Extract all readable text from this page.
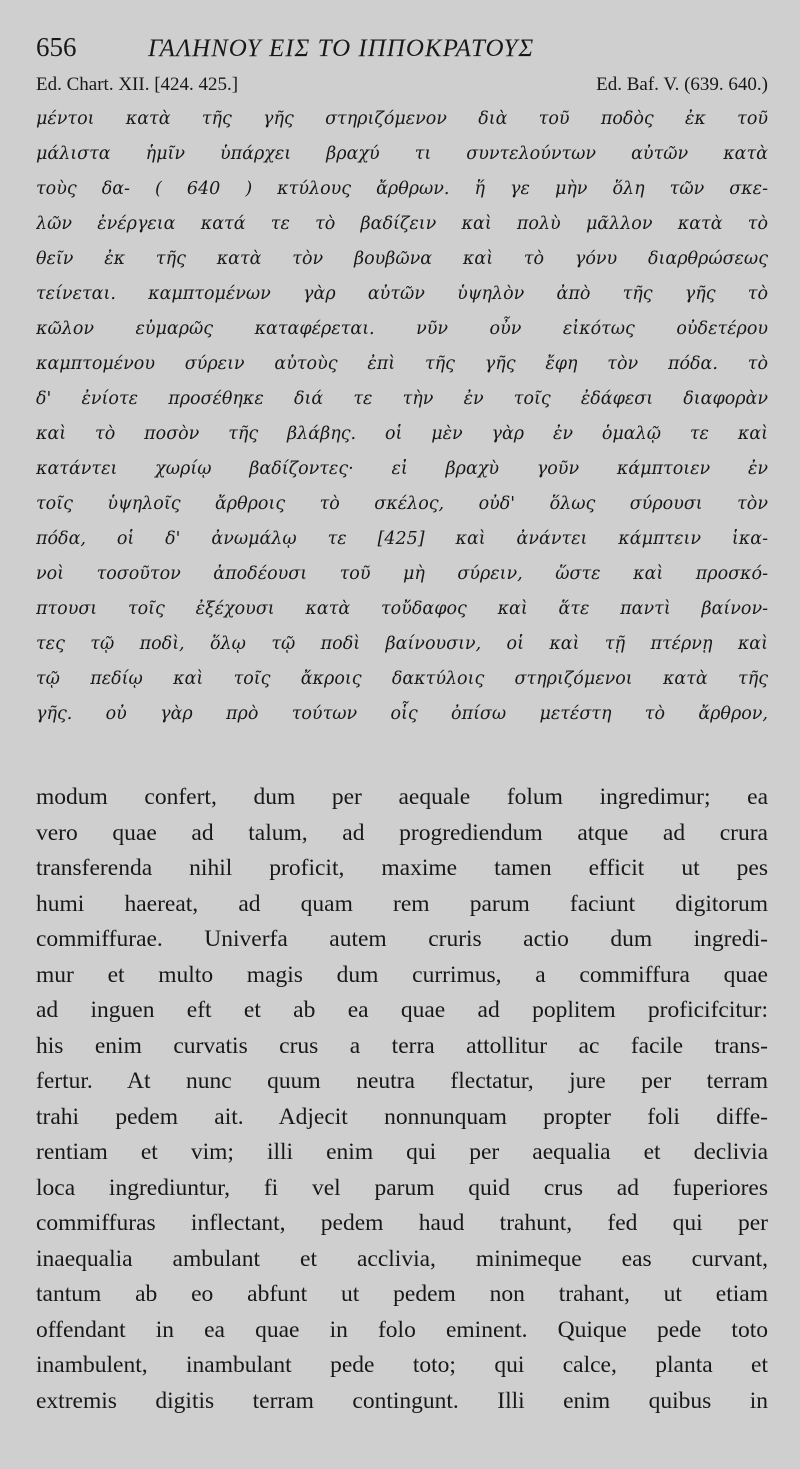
656	ΓΑΛΗΝΟΥ ΕΙΣ ΤΟ ΙΠΠΟΚΡΑΤΟΥΣ
Ed. Chart. XII. [424. 425.]	Ed. Baf. V. (639. 640.)
μέντοι κατὰ τῆς γῆς στηριζόμενον διὰ τοῦ ποδὸς ἐκ τοῦ
μάλιστα ἡμῖν ὑπάρχει βραχύ τι συντελούντων αὐτῶν κατὰ
τοὺς δα- ( 640 ) κτύλους ἄρθρων. ἥ γε μὴν ὅλη τῶν σκε-
λῶν ἐνέργεια κατά τε τὸ βαδίζειν καὶ πολὺ μᾶλλον κατὰ τὸ
θεῖν ἐκ τῆς κατὰ τὸν βουβῶνα καὶ τὸ γόνυ διαρθρώσεως
τείνεται. καμπτομένων γὰρ αὐτῶν ὑψηλὸν ἀπὸ τῆς γῆς τὸ
κῶλον εὐμαρῶς καταφέρεται. νῦν οὖν εἰκότως οὐδετέρου
καμπτομένου σύρειν αὐτοὺς ἐπὶ τῆς γῆς ἔφη τὸν πόδα. τὸ
δ' ἐνίοτε προσέθηκε διά τε τὴν ἐν τοῖς ἐδάφεσι διαφορὰν
καὶ τὸ ποσὸν τῆς βλάβης. οἱ μὲν γὰρ ἐν ὁμαλῷ τε καὶ
κατάντει χωρίῳ βαδίζοντες· εἰ βραχὺ γοῦν κάμπτοιεν ἐν
τοῖς ὑψηλοῖς ἄρθροις τὸ σκέλος, οὐδ' ὅλως σύρουσι τὸν
πόδα, οἱ δ' ἀνωμάλῳ τε [425] καὶ ἀνάντει κάμπτειν ἱκα-
νοὶ τοσοῦτον ἀποδέουσι τοῦ μὴ σύρειν, ὥστε καὶ προσκό-
πτουσι τοῖς ἐξέχουσι κατὰ τοὔδαφος καὶ ἅτε παντὶ βαίνον-
τες τῷ ποδὶ, ὅλῳ τῷ ποδὶ βαίνουσιν, οἱ καὶ τῇ πτέρνῃ καὶ
τῷ πεδίῳ καὶ τοῖς ἄκροις δακτύλοις στηριζόμενοι κατὰ τῆς
γῆς. οὐ γὰρ πρὸ τούτων οἷς ὀπίσω μετέστη τὸ ἄρθρον,
modum confert, dum per aequale folum ingredimur; ea
vero quae ad talum, ad progrediendum atque ad crura
transferenda nihil proficit, maxime tamen efficit ut pes
humi haereat, ad quam rem parum faciunt digitorum
commiffurae. Univerfa autem cruris actio dum ingredi-
mur et multo magis dum currimus, a commiffura quae
ad inguen eft et ab ea quae ad poplitem proficifcitur:
his enim curvatis crus a terra attollitur ac facile trans-
fertur. At nunc quum neutra flectatur, jure per terram
trahi pedem ait. Adjecit nonnunquam propter foli diffe-
rentiam et vim; illi enim qui per aequalia et declivia
loca ingrediuntur, fi vel parum quid crus ad fuperiores
commiffuras inflectant, pedem haud trahunt, fed qui per
inaequalia ambulant et acclivia, minimeque eas curvant,
tantum ab eo abfunt ut pedem non trahant, ut etiam
offendant in ea quae in folo eminent. Quique pede toto
inambulent, inambulant pede toto; qui calce, planta et
extremis digitis terram contingunt. Illi enim quibus in
